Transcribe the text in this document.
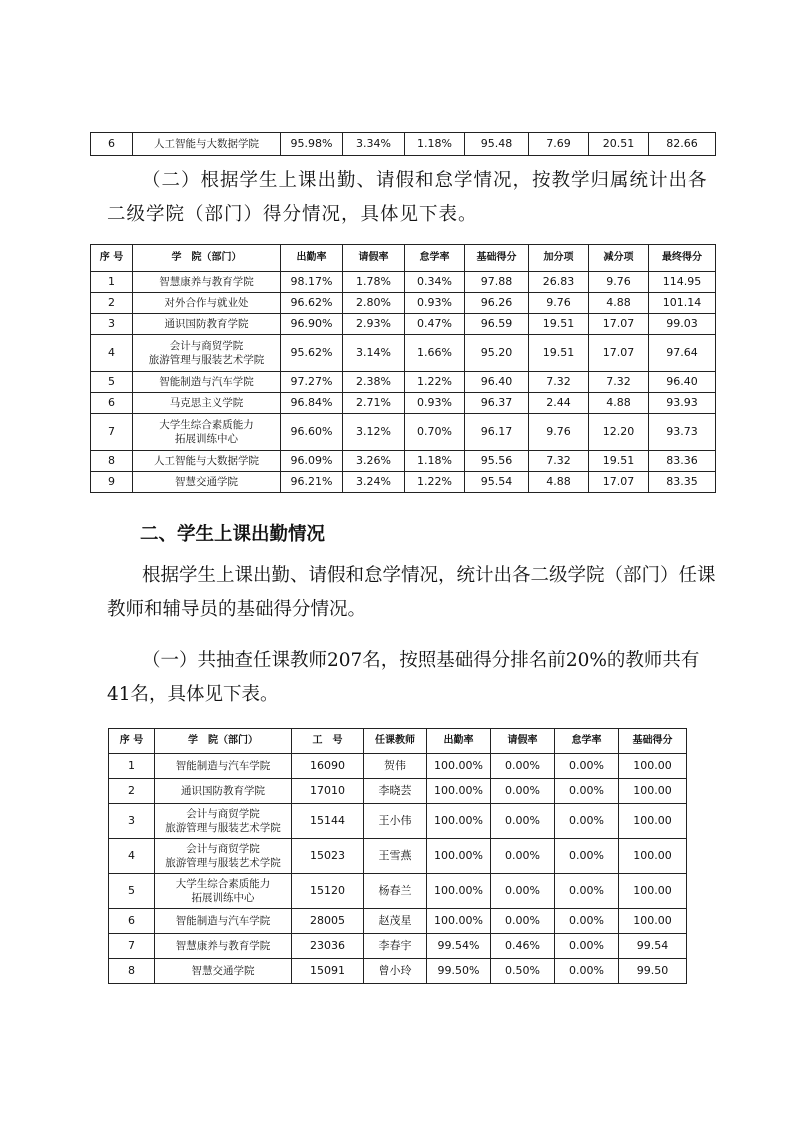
6	人工智能与大数据学院	95.98%	3.34%	1.18%	95.48	7.69	20.51	82.66

（二）根据学生上课出勤、请假和怠学情况，按教学归属统计出各二级学院（部门）得分情况，具体见下表。

序 号	学　院（部门）	出勤率	请假率	怠学率	基础得分	加分项	减分项	最终得分
1	智慧康养与教育学院	98.17%	1.78%	0.34%	97.88	26.83	9.76	114.95
2	对外合作与就业处	96.62%	2.80%	0.93%	96.26	9.76	4.88	101.14
3	通识国防教育学院	96.90%	2.93%	0.47%	96.59	19.51	17.07	99.03
4	会计与商贸学院
旅游管理与服装艺术学院	95.62%	3.14%	1.66%	95.20	19.51	17.07	97.64
5	智能制造与汽车学院	97.27%	2.38%	1.22%	96.40	7.32	7.32	96.40
6	马克思主义学院	96.84%	2.71%	0.93%	96.37	2.44	4.88	93.93
7	大学生综合素质能力
拓展训练中心	96.60%	3.12%	0.70%	96.17	9.76	12.20	93.73
8	人工智能与大数据学院	96.09%	3.26%	1.18%	95.56	7.32	19.51	83.36
9	智慧交通学院	96.21%	3.24%	1.22%	95.54	4.88	17.07	83.35

二、学生上课出勤情况

根据学生上课出勤、请假和怠学情况，统计出各二级学院（部门）任课教师和辅导员的基础得分情况。

（一）共抽查任课教师207名，按照基础得分排名前20%的教师共有41名，具体见下表。

序 号	学　院（部门）	工　号	任课教师	出勤率	请假率	怠学率	基础得分
1	智能制造与汽车学院	16090	贺伟	100.00%	0.00%	0.00%	100.00
2	通识国防教育学院	17010	李晓芸	100.00%	0.00%	0.00%	100.00
3	会计与商贸学院
旅游管理与服装艺术学院	15144	王小伟	100.00%	0.00%	0.00%	100.00
4	会计与商贸学院
旅游管理与服装艺术学院	15023	王雪燕	100.00%	0.00%	0.00%	100.00
5	大学生综合素质能力
拓展训练中心	15120	杨春兰	100.00%	0.00%	0.00%	100.00
6	智能制造与汽车学院	28005	赵茂星	100.00%	0.00%	0.00%	100.00
7	智慧康养与教育学院	23036	李春宇	99.54%	0.46%	0.00%	99.54
8	智慧交通学院	15091	曾小玲	99.50%	0.50%	0.00%	99.50
